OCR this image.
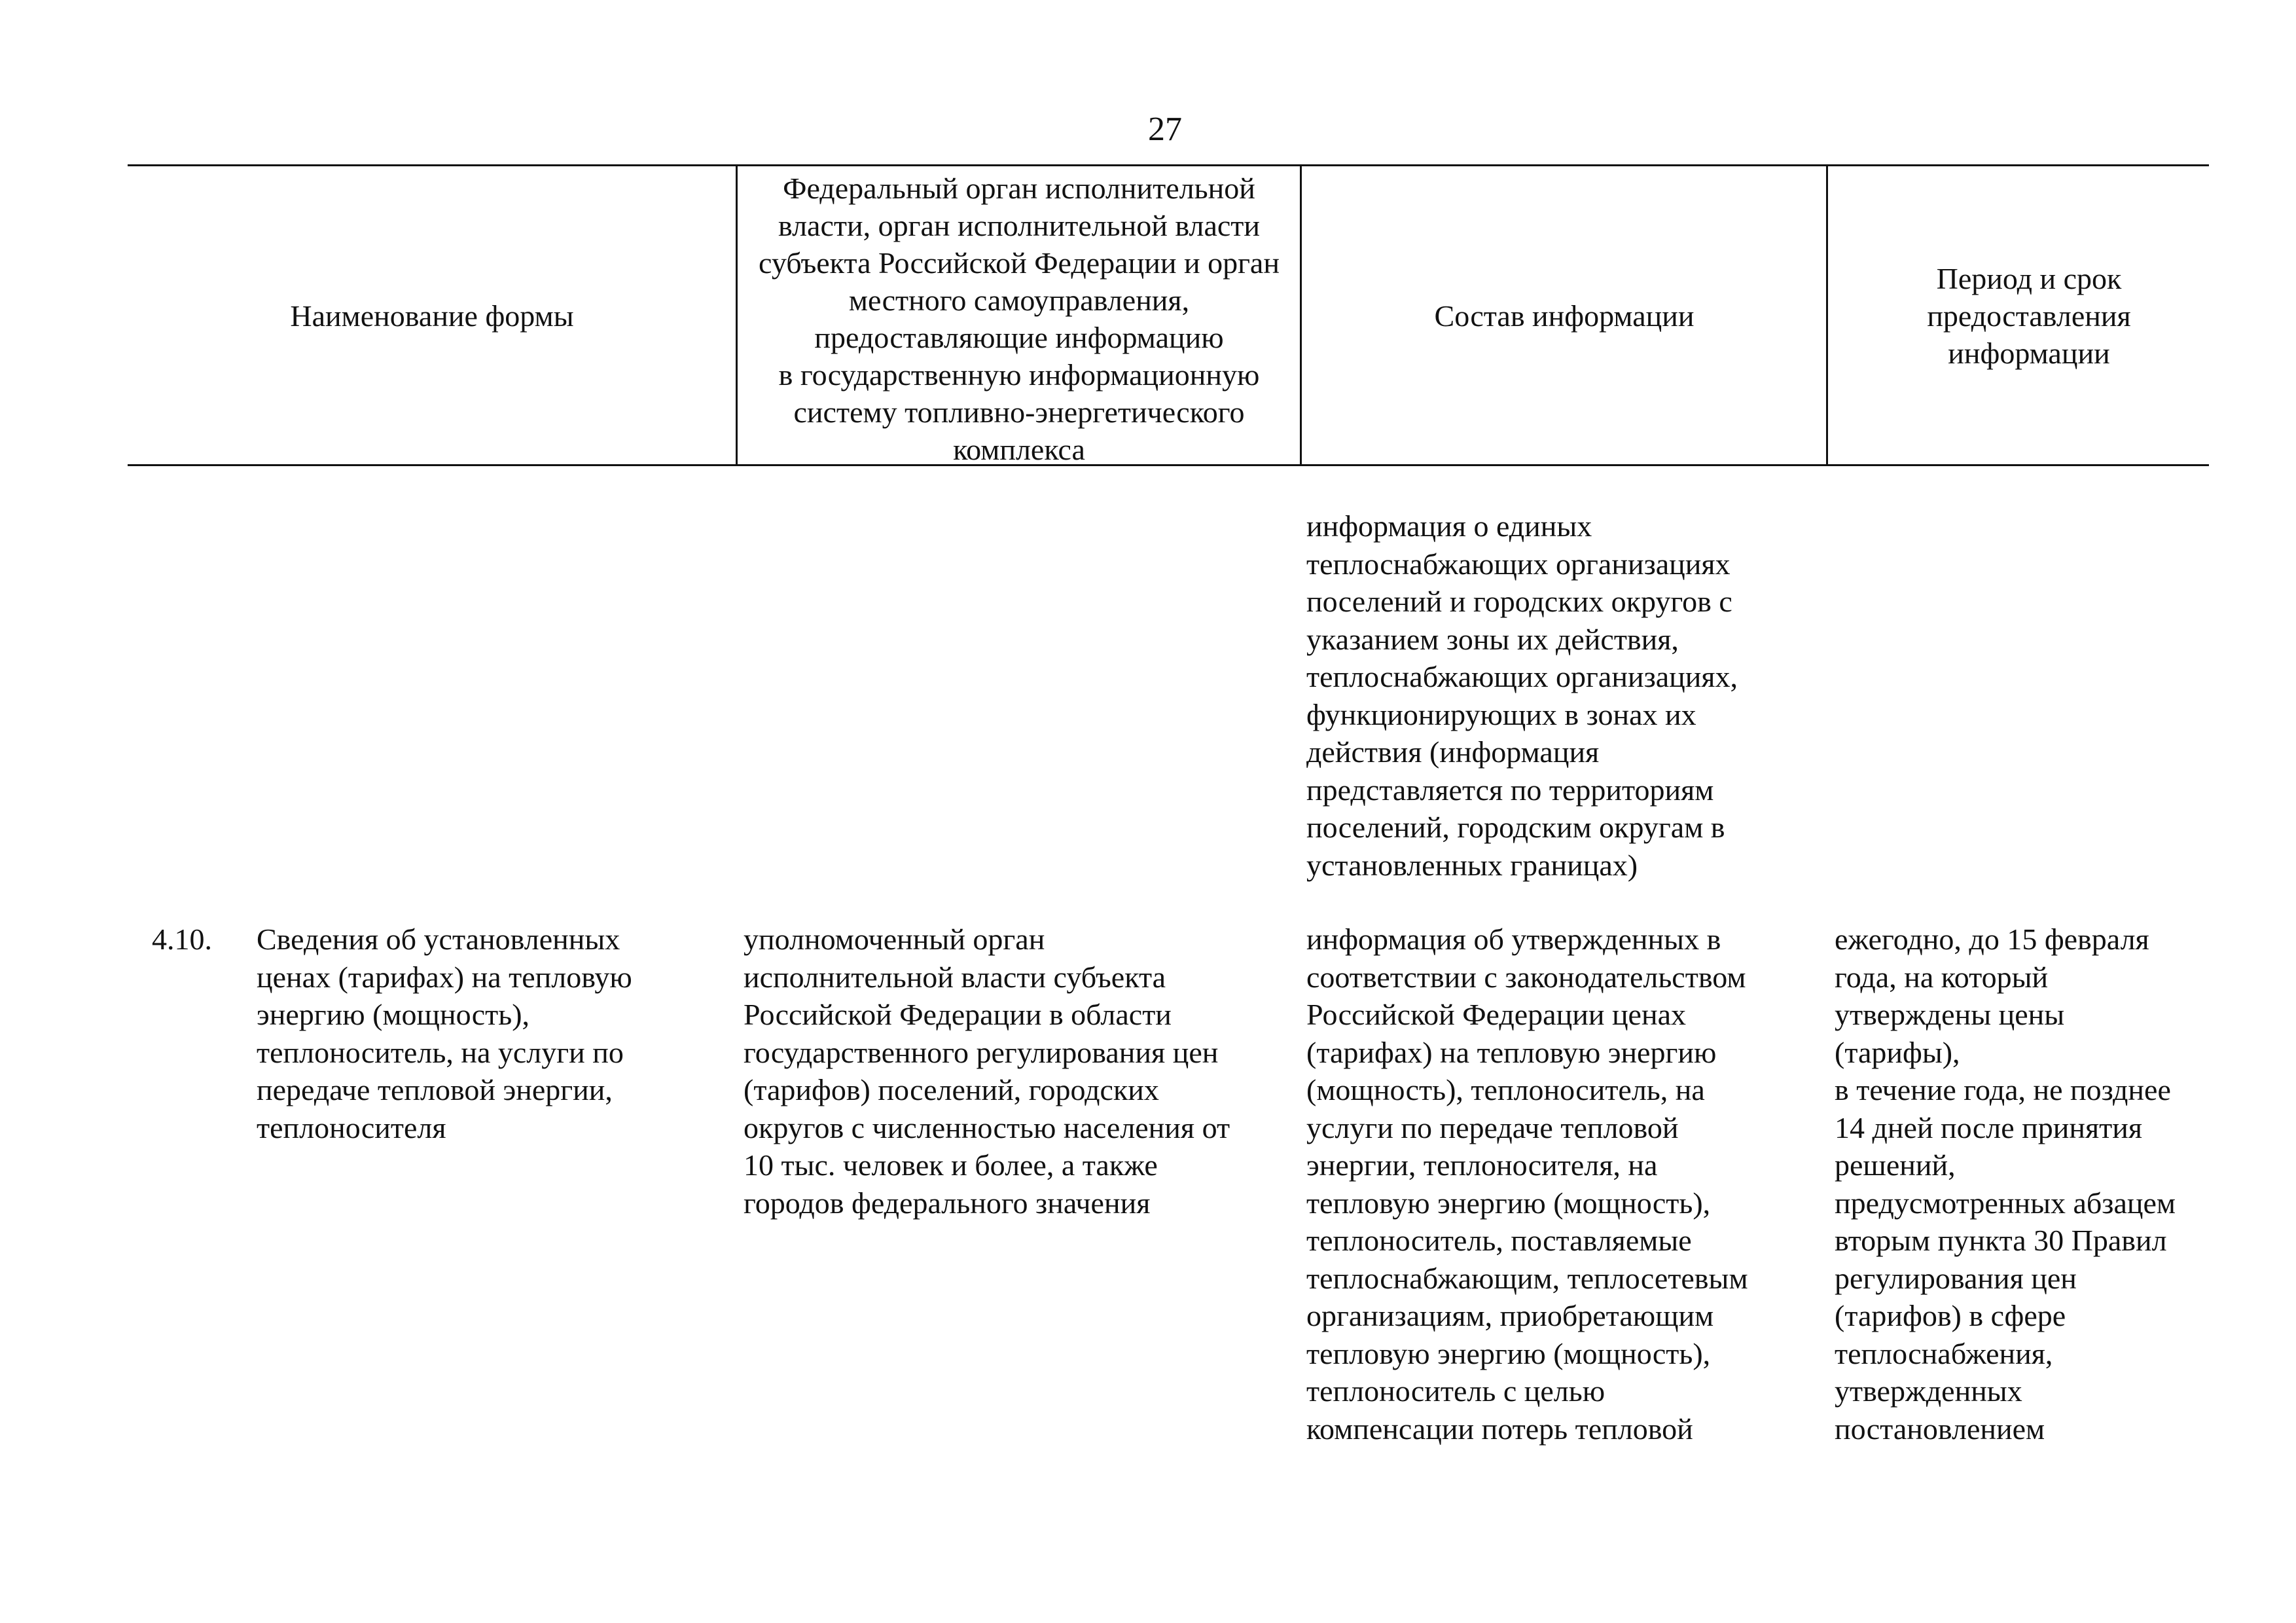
27
Наименование формы
Федеральный орган исполнительной власти, орган исполнительной власти субъекта Российской Федерации и орган местного самоуправления, предоставляющие информацию
в государственную информационную систему топливно-энергетического комплекса
Состав информации
Период и срок предоставления информации
информация о единых
теплоснабжающих организациях
поселений и городских округов с
указанием зоны их действия,
теплоснабжающих организациях,
функционирующих в зонах их
действия (информация
представляется по территориям
поселений, городским округам в
установленных границах)
4.10.	Сведения об установленных
ценах (тарифах) на тепловую
энергию (мощность),
теплоноситель, на услуги по
передаче тепловой энергии,
теплоносителя
уполномоченный орган
исполнительной власти субъекта
Российской Федерации в области
государственного регулирования цен
(тарифов) поселений, городских
округов с численностью населения от
10 тыс. человек и более, а также
городов федерального значения
информация об утвержденных в
соответствии с законодательством
Российской Федерации ценах
(тарифах) на тепловую энергию
(мощность), теплоноситель, на
услуги по передаче тепловой
энергии, теплоносителя, на
тепловую энергию (мощность),
теплоноситель, поставляемые
теплоснабжающим, теплосетевым
организациям, приобретающим
тепловую энергию (мощность),
теплоноситель с целью
компенсации потерь тепловой
ежегодно, до 15 февраля
года, на который
утверждены цены
(тарифы),
в течение года, не позднее
14 дней после принятия
решений,
предусмотренных абзацем
вторым пункта 30 Правил
регулирования цен
(тарифов) в сфере
теплоснабжения,
утвержденных
постановлением
